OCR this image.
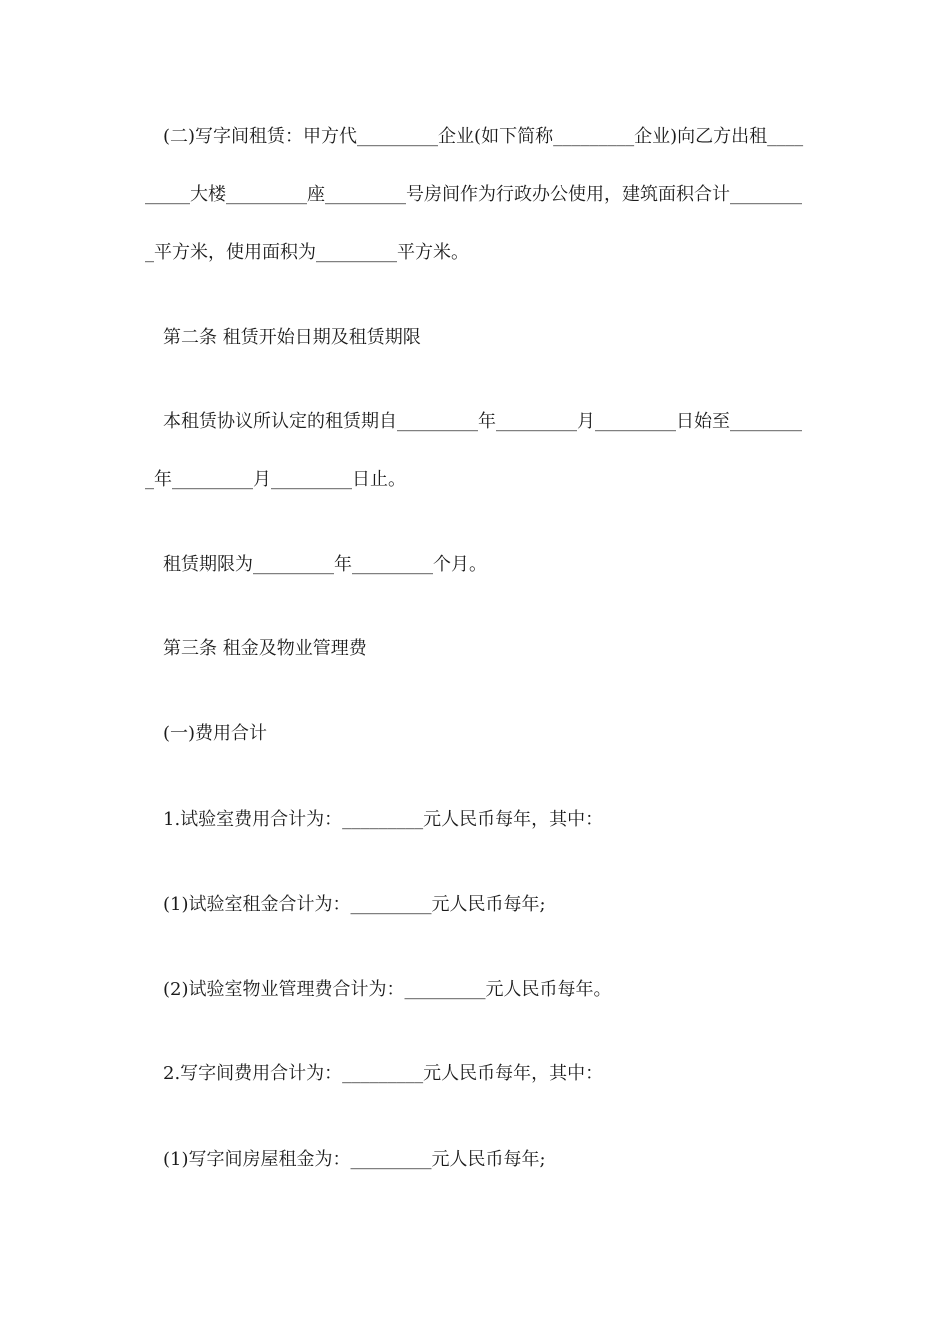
(二)写字间租赁：甲方代_________企业(如下简称_________企业)向乙方出租_________大楼_________座_________号房间作为行政办公使用，建筑面积合计_________平方米，使用面积为_________平方米。

第二条 租赁开始日期及租赁期限

本租赁协议所认定的租赁期自_________年_________月_________日始至_________年_________月_________日止。

租赁期限为_________年_________个月。

第三条 租金及物业管理费

(一)费用合计

1.试验室费用合计为：_________元人民币每年，其中：

(1)试验室租金合计为：_________元人民币每年;

(2)试验室物业管理费合计为：_________元人民币每年。

2.写字间费用合计为：_________元人民币每年，其中：

(1)写字间房屋租金为：_________元人民币每年;
